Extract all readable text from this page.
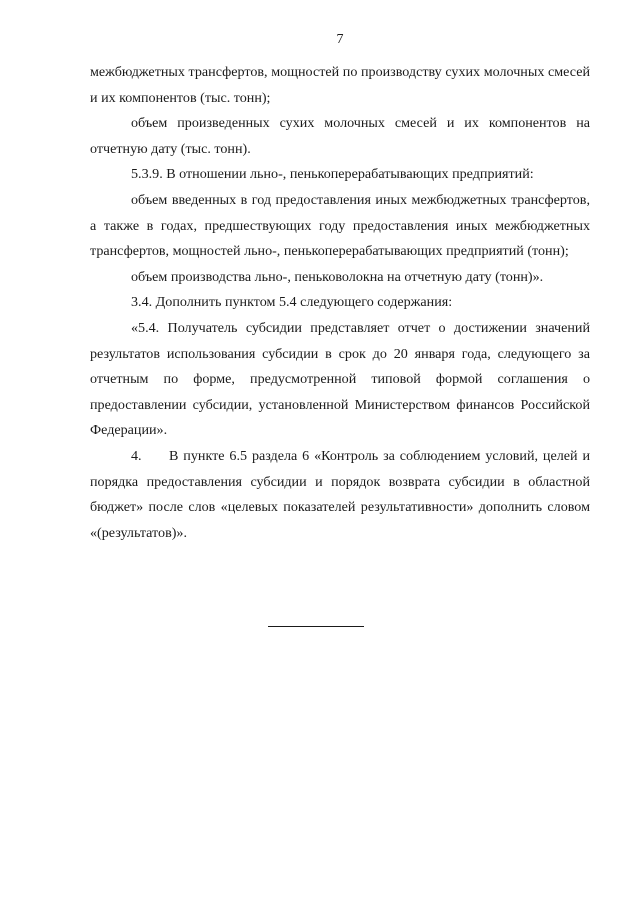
7

межбюджетных трансфертов, мощностей по производству сухих молочных смесей и их компонентов (тыс. тонн);

объем произведенных сухих молочных смесей и их компонентов на отчетную дату (тыс. тонн).

5.3.9. В отношении льно-, пенькоперерабатывающих предприятий:

объем введенных в год предоставления иных межбюджетных трансфертов, а также в годах, предшествующих году предоставления иных межбюджетных трансфертов, мощностей льно-, пенькоперерабатывающих предприятий (тонн);

объем производства льно-, пеньковолокна на отчетную дату (тонн)».

3.4. Дополнить пунктом 5.4 следующего содержания:

«5.4. Получатель субсидии представляет отчет о достижении значений результатов использования субсидии в срок до 20 января года, следующего за отчетным по форме, предусмотренной типовой формой соглашения о предоставлении субсидии, установленной Министерством финансов Российской Федерации».

4. В пункте 6.5 раздела 6 «Контроль за соблюдением условий, целей и порядка предоставления субсидии и порядок возврата субсидии в областной бюджет» после слов «целевых показателей результативности» дополнить словом «(результатов)».
